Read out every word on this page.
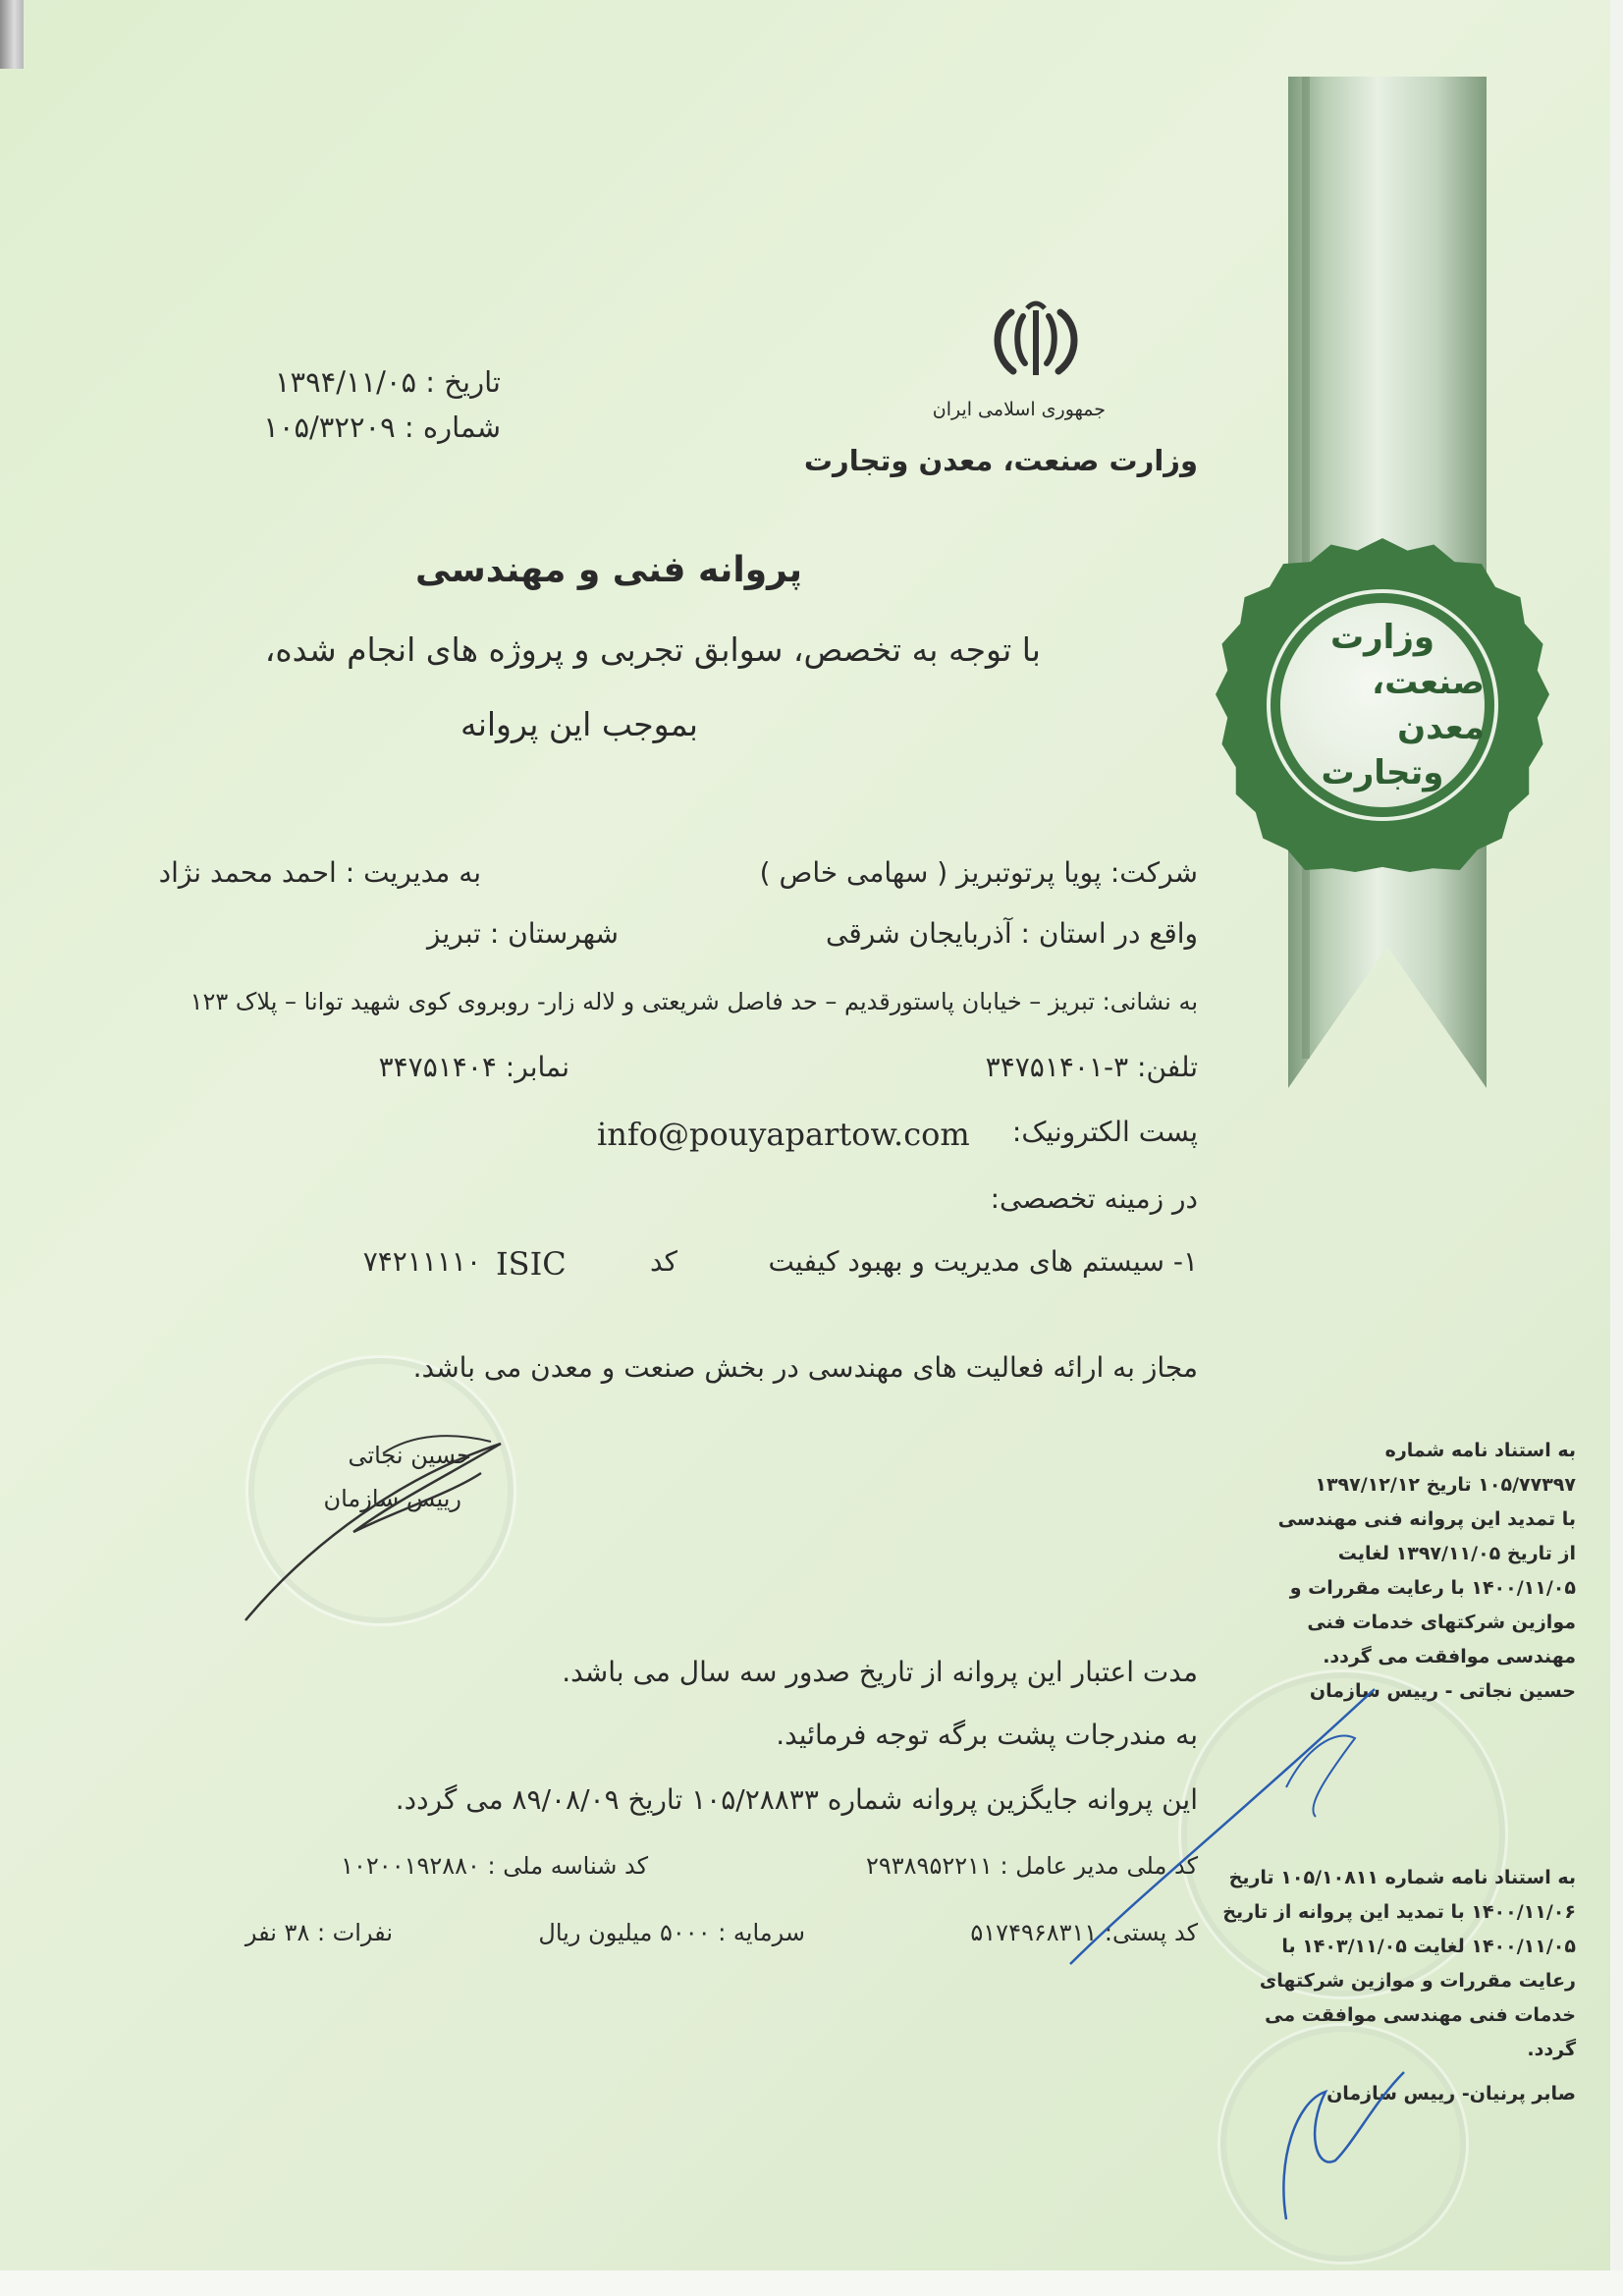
وزارت
صنعت، معدن
وتجارت
جمهوری اسلامی ایران
وزارت صنعت، معدن وتجارت
تاریخ : ۱۳۹۴/۱۱/۰۵
شماره : ۱۰۵/۳۲۲۰۹
پروانه فنی و مهندسی
با توجه به تخصص، سوابق تجربی و پروژه های انجام شده،
بموجب این پروانه
شرکت: پویا پرتوتبریز ( سهامی خاص )
به مدیریت : احمد محمد نژاد
واقع در استان : آذربایجان شرقی
شهرستان : تبریز
به نشانی: تبریز – خیابان پاستورقدیم – حد فاصل شریعتی و لاله زار- روبروی کوی شهید توانا – پلاک ۱۲۳
تلفن: ۳-۳۴۷۵۱۴۰۱
نمابر: ۳۴۷۵۱۴۰۴
پست الکترونیک:
info@pouyapartow.com
در زمینه تخصصی:
۱- سیستم های مدیریت و بهبود کیفیت
کد
ISIC
۷۴۲۱۱۱۱۰
مجاز به ارائه فعالیت های مهندسی در بخش صنعت و معدن می باشد.
حسین نجاتی
رییس سازمان
مدت اعتبار این پروانه از تاریخ صدور سه سال می باشد.
به مندرجات پشت برگه توجه فرمائید.
این پروانه جایگزین پروانه شماره ۱۰۵/۲۸۸۳۳ تاریخ ۸۹/۰۸/۰۹ می گردد.
کد ملی مدیر عامل : ۲۹۳۸۹۵۲۲۱۱
کد شناسه ملی : ۱۰۲۰۰۱۹۲۸۸۰
کد پستی: ۵۱۷۴۹۶۸۳۱۱
سرمایه : ۵۰۰۰ میلیون ریال
نفرات : ۳۸ نفر
به استناد نامه شماره
۱۰۵/۷۷۳۹۷ تاریخ ۱۳۹۷/۱۲/۱۲
با تمدید این پروانه فنی مهندسی
از تاریخ ۱۳۹۷/۱۱/۰۵ لغایت
۱۴۰۰/۱۱/۰۵ با رعایت مقررات و
موازین شرکتهای خدمات فنی
مهندسی موافقت می گردد.
حسین نجاتی - رییس سازمان
به استناد نامه شماره ۱۰۵/۱۰۸۱۱ تاریخ
۱۴۰۰/۱۱/۰۶ با تمدید این پروانه از تاریخ
۱۴۰۰/۱۱/۰۵ لغایت ۱۴۰۳/۱۱/۰۵ با
رعایت مقررات و موازین شرکتهای
خدمات فنی مهندسی موافقت می
گردد.
صابر پرنیان- رییس سازمان
